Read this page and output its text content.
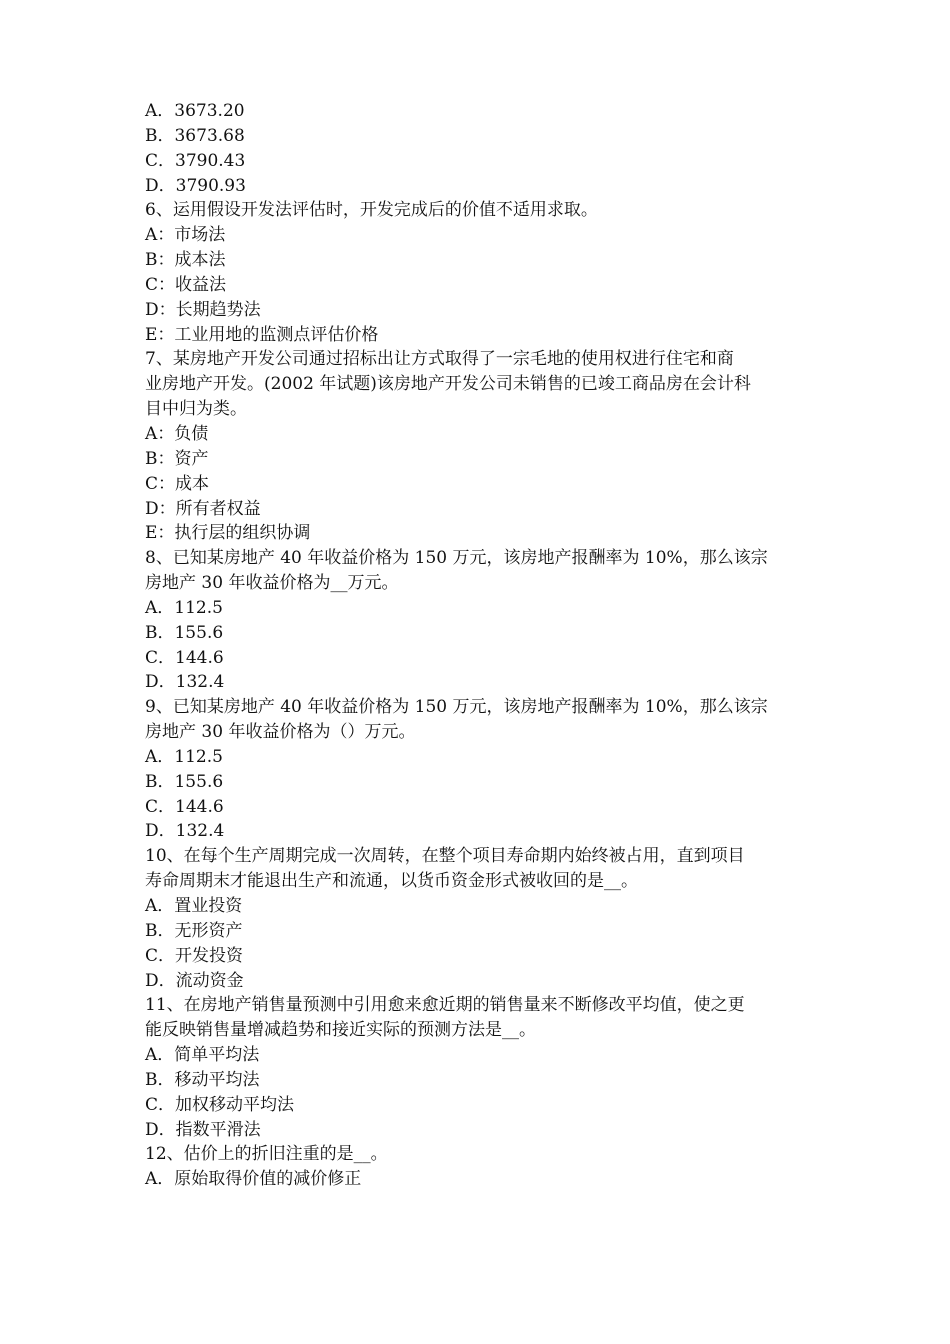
A．3673.20
B．3673.68
C．3790.43
D．3790.93
6、运用假设开发法评估时，开发完成后的价值不适用求取。
A：市场法
B：成本法
C：收益法
D：长期趋势法
E：工业用地的监测点评估价格
7、某房地产开发公司通过招标出让方式取得了一宗毛地的使用权进行住宅和商
业房地产开发。(2002 年试题)该房地产开发公司未销售的已竣工商品房在会计科
目中归为类。
A：负债
B：资产
C：成本
D：所有者权益
E：执行层的组织协调
8、已知某房地产 40 年收益价格为 150 万元，该房地产报酬率为 10%，那么该宗
房地产 30 年收益价格为__万元。
A．112.5
B．155.6
C．144.6
D．132.4
9、已知某房地产 40 年收益价格为 150 万元，该房地产报酬率为 10%，那么该宗
房地产 30 年收益价格为（）万元。
A．112.5
B．155.6
C．144.6
D．132.4
10、在每个生产周期完成一次周转，在整个项目寿命期内始终被占用，直到项目
寿命周期末才能退出生产和流通，以货币资金形式被收回的是__。
A．置业投资
B．无形资产
C．开发投资
D．流动资金
11、在房地产销售量预测中引用愈来愈近期的销售量来不断修改平均值，使之更
能反映销售量增减趋势和接近实际的预测方法是__。
A．简单平均法
B．移动平均法
C．加权移动平均法
D．指数平滑法
12、估价上的折旧注重的是__。
A．原始取得价值的减价修正
